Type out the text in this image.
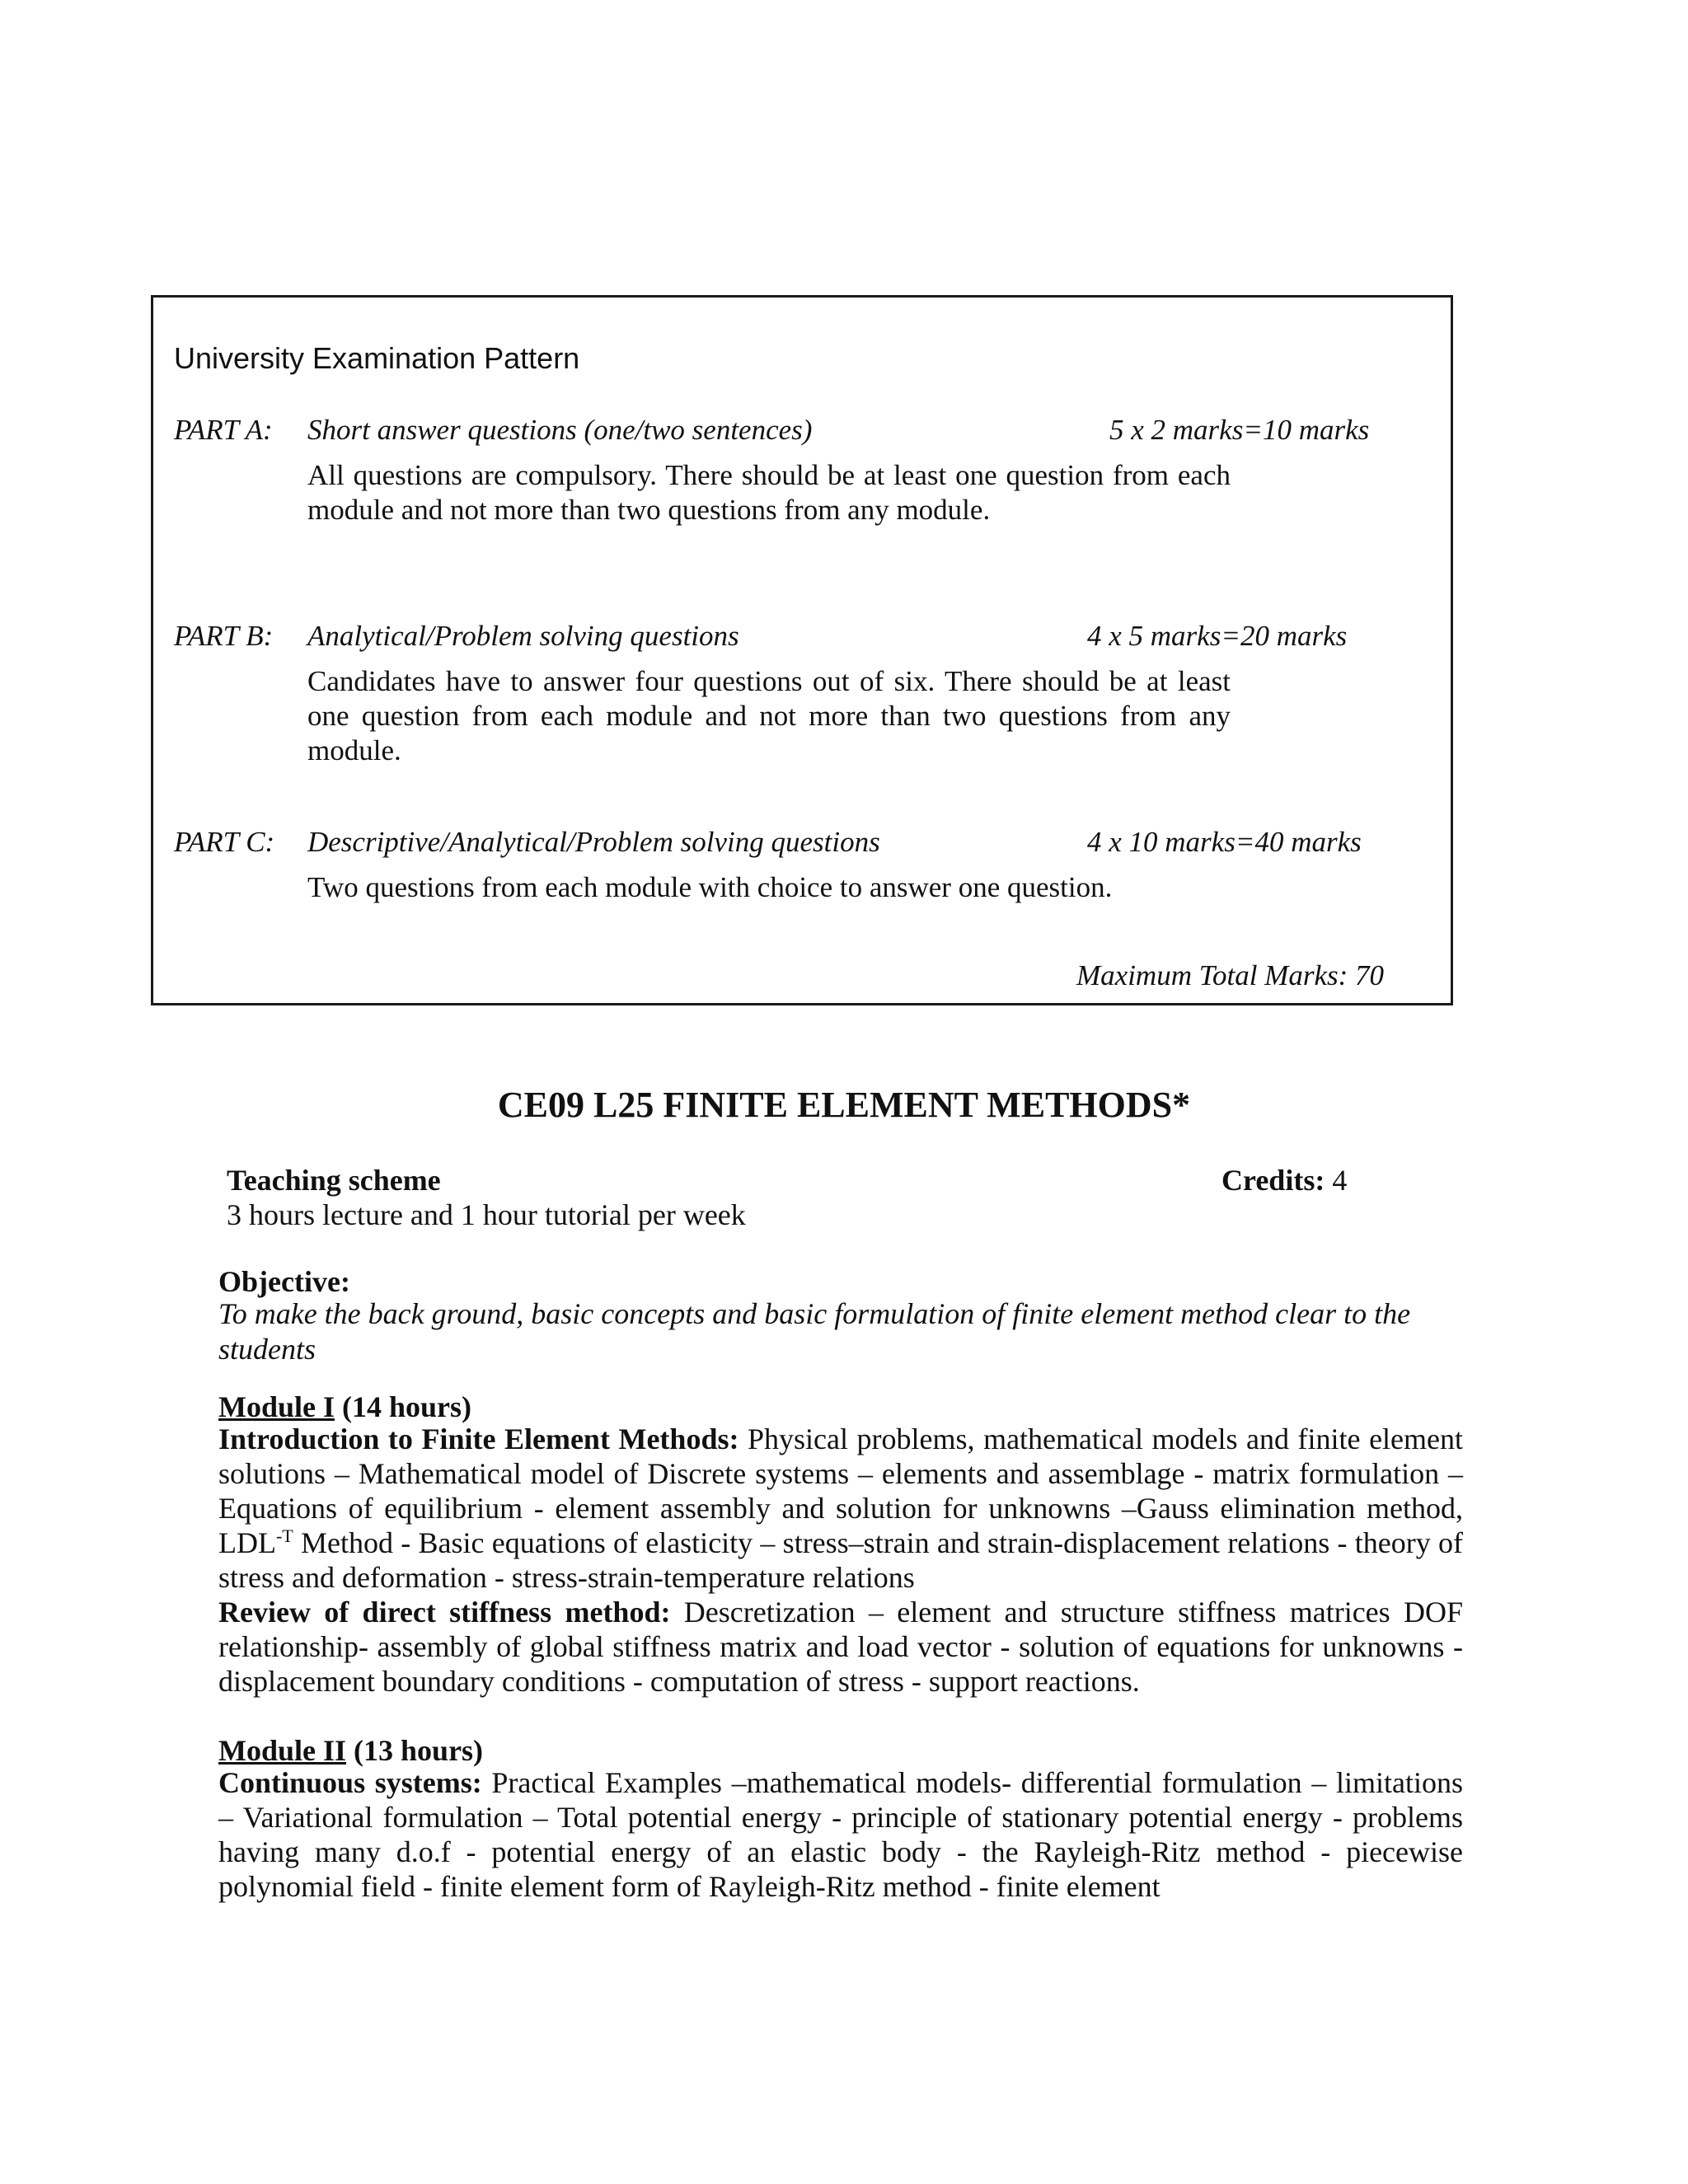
University Examination Pattern
PART A: Short answer questions (one/two sentences)	5 x 2 marks=10 marks
All questions are compulsory. There should be at least one question from each module and not more than two questions from any module.
PART B: Analytical/Problem solving questions	4 x 5 marks=20 marks
Candidates have to answer four questions out of six. There should be at least one question from each module and not more than two questions from any module.
PART C: Descriptive/Analytical/Problem solving questions	4 x 10 marks=40 marks
Two questions from each module with choice to answer one question.
Maximum Total Marks: 70
CE09 L25 FINITE ELEMENT METHODS*
Teaching scheme
3 hours lecture and 1 hour tutorial per week
Credits: 4
Objective:
To make the back ground, basic concepts and basic formulation of finite element method clear to the students
Module I (14 hours)
Introduction to Finite Element Methods: Physical problems, mathematical models and finite element solutions – Mathematical model of Discrete systems – elements and assemblage - matrix formulation – Equations of equilibrium - element assembly and solution for unknowns –Gauss elimination method, $LDL^{-T}$ Method - Basic equations of elasticity – stress–strain and strain-displacement relations - theory of stress and deformation - stress-strain-temperature relations
Review of direct stiffness method: Descretization – element and structure stiffness matrices DOF relationship- assembly of global stiffness matrix and load vector - solution of equations for unknowns - displacement boundary conditions - computation of stress - support reactions.
Module II (13 hours)
Continuous systems: Practical Examples –mathematical models- differential formulation – limitations – Variational formulation – Total potential energy - principle of stationary potential energy - problems having many d.o.f - potential energy of an elastic body - the Rayleigh-Ritz method - piecewise polynomial field - finite element form of Rayleigh-Ritz method - finite element
